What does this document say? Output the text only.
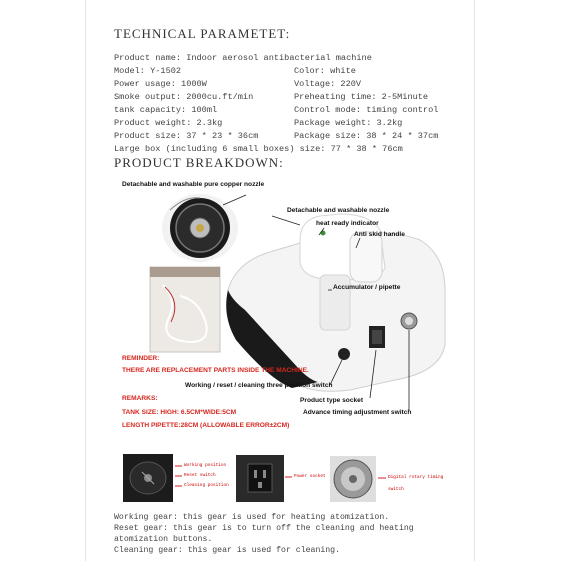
TECHNICAL PARAMETET:
Product name: Indoor aerosol antibacterial machine
Model: Y-1502	Color: white
Power usage: 1000W	Voltage: 220V
Smoke output: 2000cu.ft/min	Preheating time: 2-5Minute
tank capacity: 100ml	Control mode: timing control
Product weight: 2.3kg	Package weight: 3.2kg
Product size: 37 * 23 * 36cm	Package size: 38 * 24 * 37cm
Large box (including 6 small boxes) size: 77 * 38 * 76cm
PRODUCT BREAKDOWN:
Detachable and washable pure copper nozzle
Detachable and washable nozzle
heat ready indicator
Anti skid handle
Accumulator / pipette
Working / reset / cleaning three position switch
Product type socket
Advance timing adjustment switch
REMINDER:
THERE ARE REPLACEMENT PARTS INSIDE THE MACHINE.
REMARKS:
TANK SIZE: HIGH: 6.5CM*WIDE:5CM
LENGTH PIPETTE:28CM (ALLOWABLE ERROR±2CM)
Working position
Reset switch
Cleaning position
Power socket	Digital rotary timing
switch
Working gear: this gear is used for heating atomization.
Reset gear: this gear is to turn off the cleaning and heating
atomization buttons.
Cleaning gear: this gear is used for cleaning.
